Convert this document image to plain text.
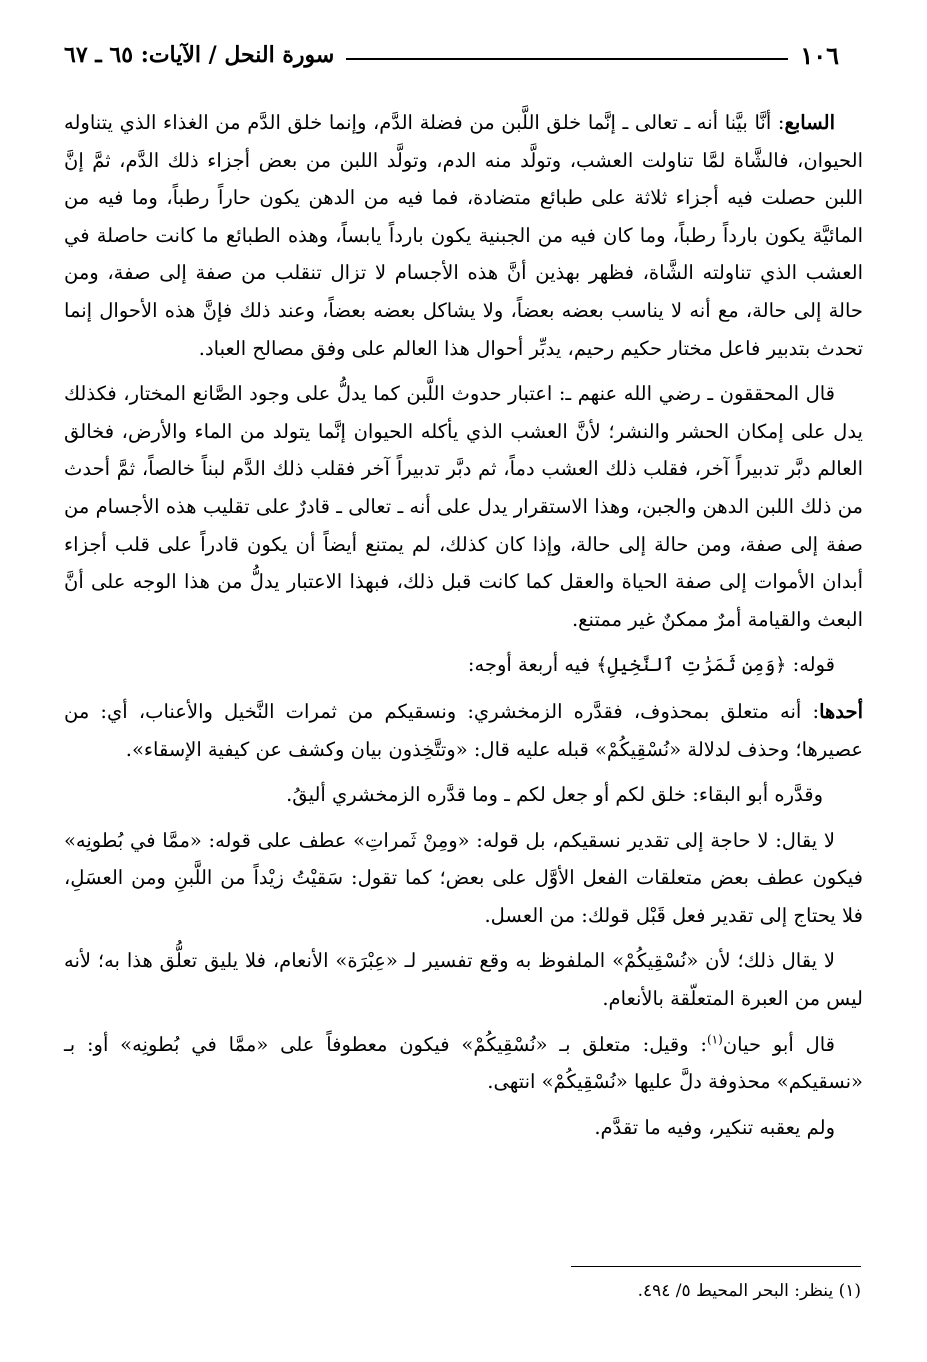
١٠٦
سورة النحل / الآيات: ٦٥ ـ ٦٧

السابع: أنَّا بيَّنا أنه ـ تعالى ـ إنَّما خلق اللَّبن من فضلة الدَّم، وإنما خلق الدَّم من الغذاء الذي يتناوله الحيوان، فالشَّاة لمَّا تناولت العشب، وتولَّد منه الدم، وتولَّد اللبن من بعض أجزاء ذلك الدَّم، ثمَّ إنَّ اللبن حصلت فيه أجزاء ثلاثة على طبائع متضادة، فما فيه من الدهن يكون حاراً رطباً، وما فيه من المائيَّة يكون بارداً رطباً، وما كان فيه من الجبنية يكون بارداً يابساً، وهذه الطبائع ما كانت حاصلة في العشب الذي تناولته الشَّاة، فظهر بهذين أنَّ هذه الأجسام لا تزال تنقلب من صفة إلى صفة، ومن حالة إلى حالة، مع أنه لا يناسب بعضه بعضاً، ولا يشاكل بعضه بعضاً، وعند ذلك فإنَّ هذه الأحوال إنما تحدث بتدبير فاعل مختار حكيم رحيم، يدبِّر أحوال هذا العالم على وفق مصالح العباد.

قال المحققون ـ رضي الله عنهم ـ: اعتبار حدوث اللَّبن كما يدلُّ على وجود الصَّانع المختار، فكذلك يدل على إمكان الحشر والنشر؛ لأنَّ العشب الذي يأكله الحيوان إنَّما يتولد من الماء والأرض، فخالق العالم دبَّر تدبيراً آخر، فقلب ذلك العشب دماً، ثم دبَّر تدبيراً آخر فقلب ذلك الدَّم لبناً خالصاً، ثمَّ أحدث من ذلك اللبن الدهن والجبن، وهذا الاستقرار يدل على أنه ـ تعالى ـ قادرٌ على تقليب هذه الأجسام من صفة إلى صفة، ومن حالة إلى حالة، وإذا كان كذلك، لم يمتنع أيضاً أن يكون قادراً على قلب أجزاء أبدان الأموات إلى صفة الحياة والعقل كما كانت قبل ذلك، فبهذا الاعتبار يدلُّ من هذا الوجه على أنَّ البعث والقيامة أمرٌ ممكنٌ غير ممتنع.

قوله: ﴿وَمِن ثَمَرَٰتِ ٱلنَّخِيلِ﴾ فيه أربعة أوجه:

أحدها: أنه متعلق بمحذوف، فقدَّره الزمخشري: ونسقيكم من ثمرات النَّخيل والأعناب، أي: من عصيرها؛ وحذف لدلالة «نُسْقِيكُمْ» قبله عليه قال: «وتتَّخِذون بيان وكشف عن كيفية الإسقاء».

وقدَّره أبو البقاء: خلق لكم أو جعل لكم ـ وما قدَّره الزمخشري أليقُ.

لا يقال: لا حاجة إلى تقدير نسقيكم، بل قوله: «ومِنْ ثَمراتِ» عطف على قوله: «ممَّا في بُطونِه» فيكون عطف بعض متعلقات الفعل الأوَّل على بعض؛ كما تقول: سَقيْتُ زيْداً من اللَّبنِ ومن العسَلِ، فلا يحتاج إلى تقدير فعل قَبْل قولك: من العسل.

لا يقال ذلك؛ لأن «نُسْقِيكُمْ» الملفوظ به وقع تفسير لـ «عِبْرَة» الأنعام، فلا يليق تعلُّق هذا به؛ لأنه ليس من العبرة المتعلّقة بالأنعام.

قال أبو حيان$^{(١)}$: وقيل: متعلق بـ «نُسْقِيكُمْ» فيكون معطوفاً على «ممَّا في بُطونِه» أو: بـ «نسقيكم» محذوفة دلَّ عليها «نُسْقِيكُمْ» انتهى.

ولم يعقبه تنكير، وفيه ما تقدَّم.

(١) ينظر: البحر المحيط ٥/ ٤٩٤.
